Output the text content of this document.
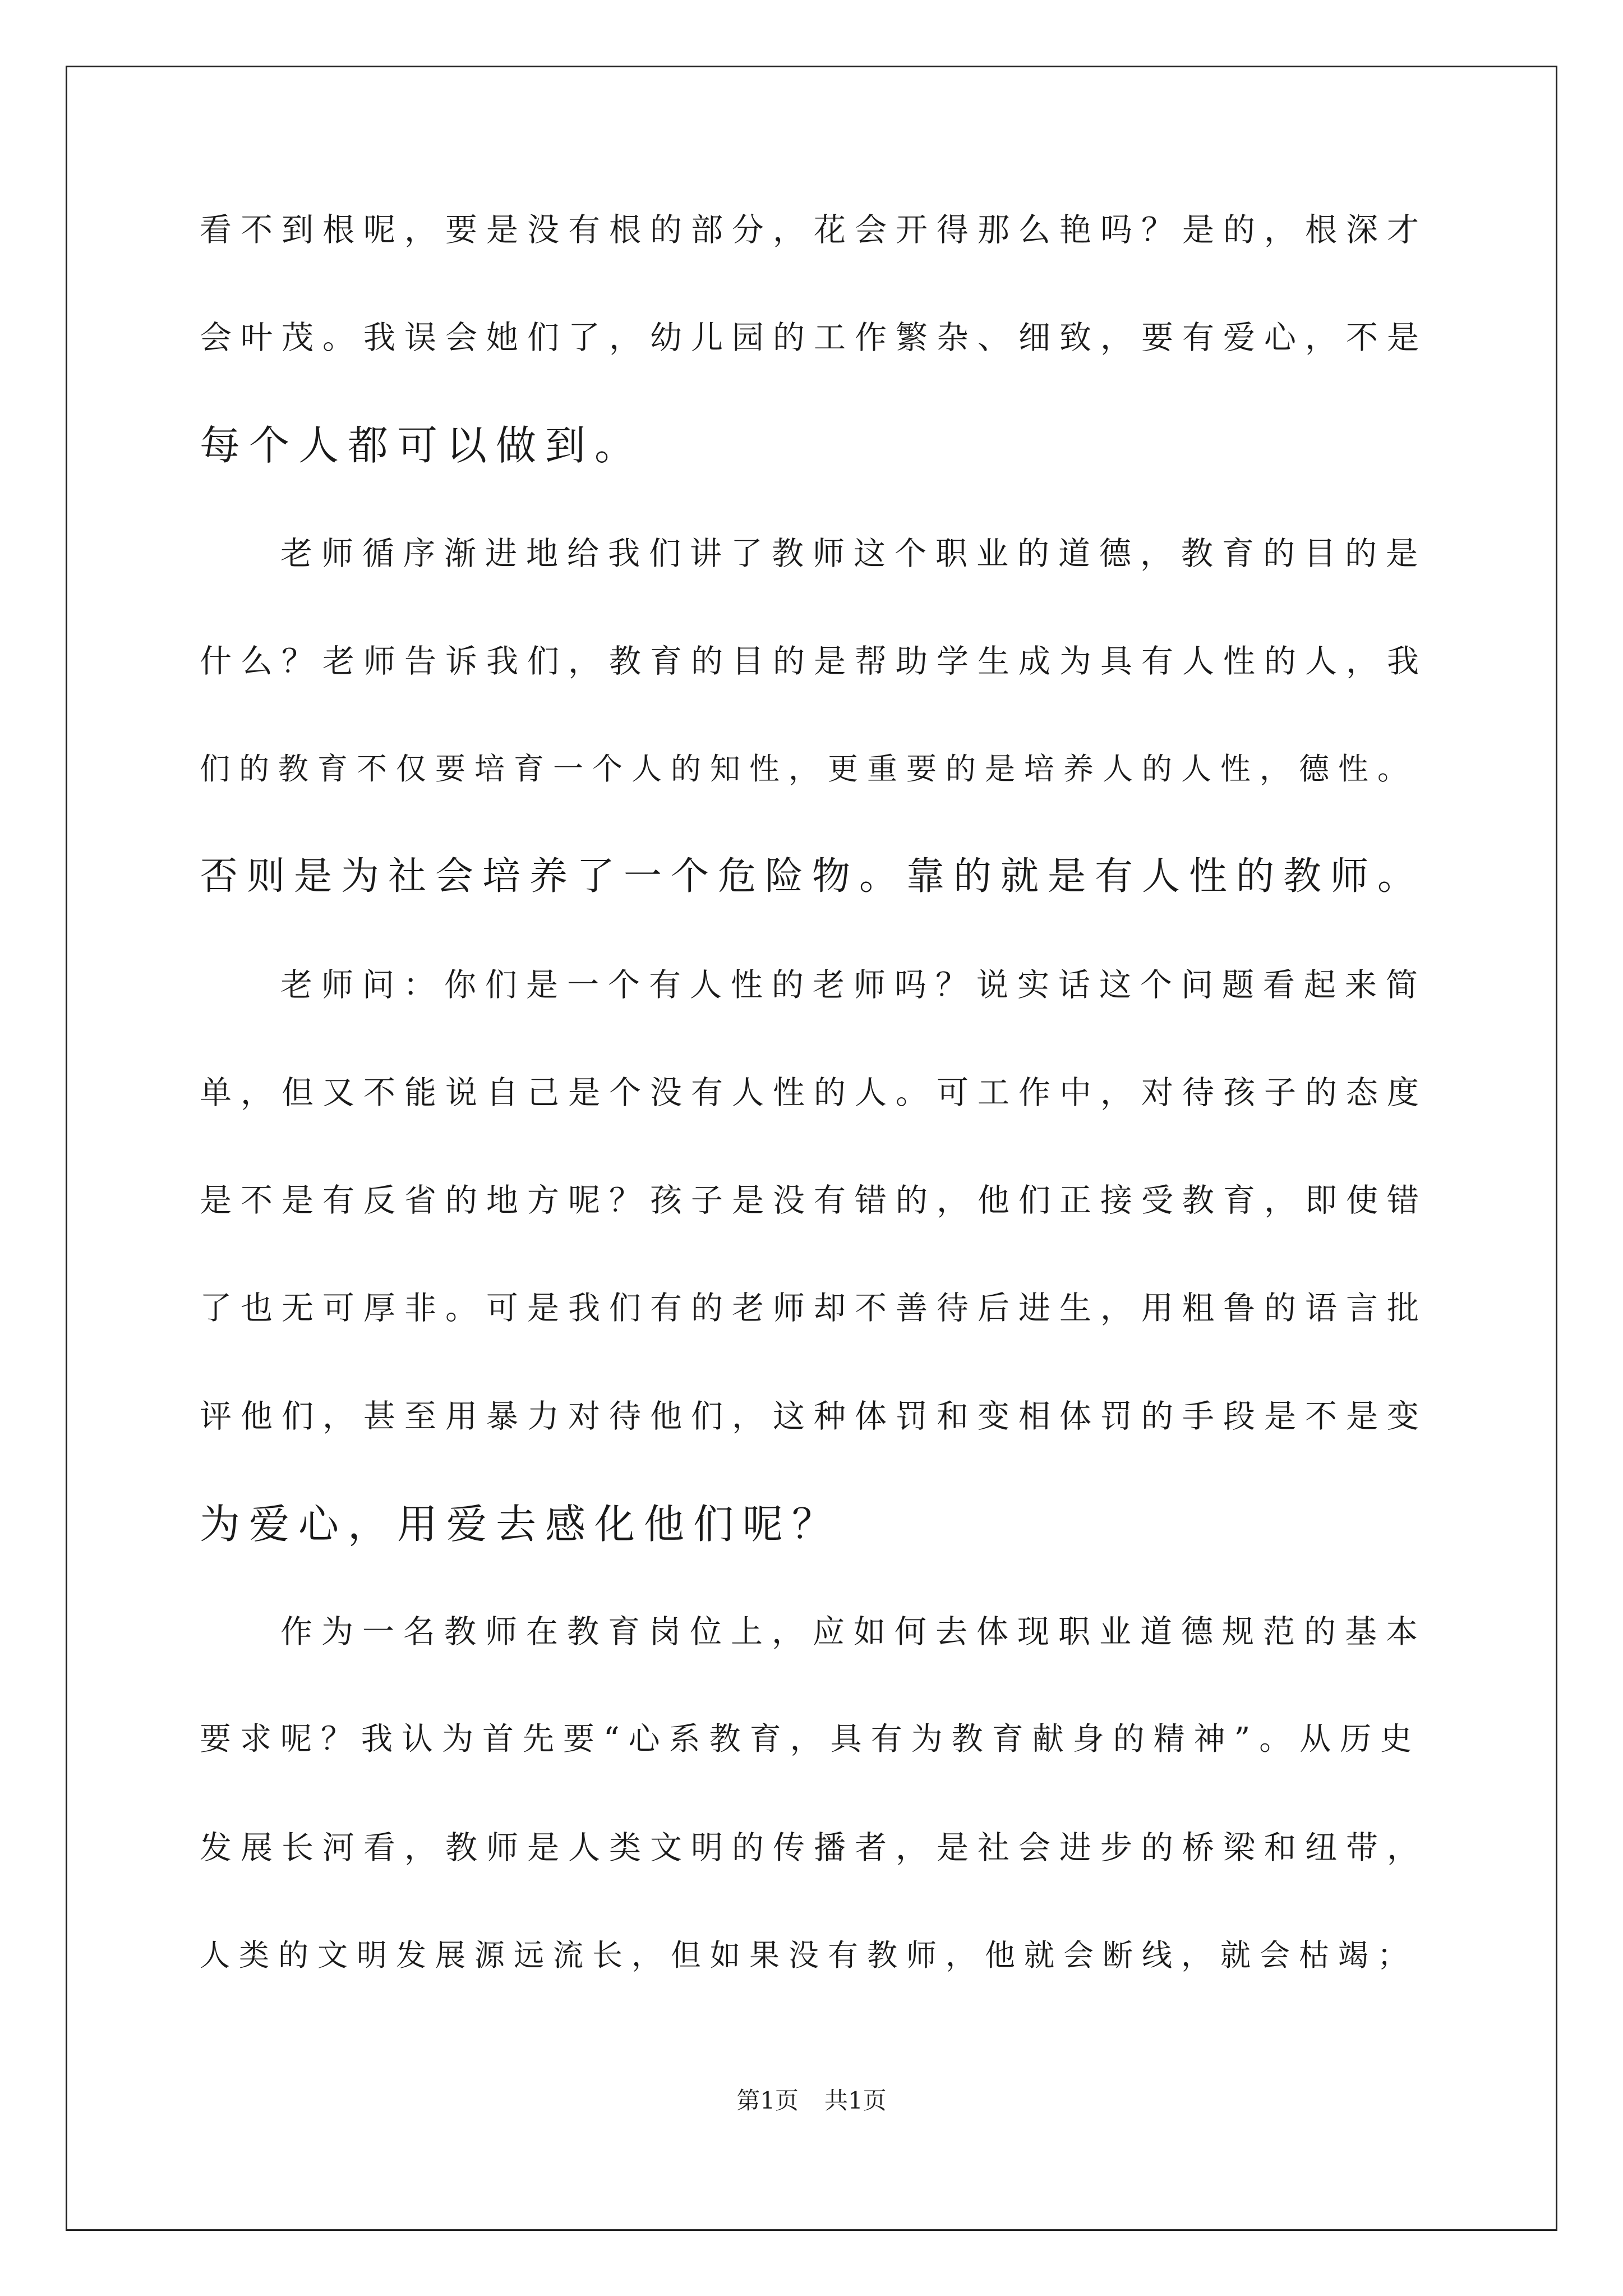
看不到根呢，要是没有根的部分，花会开得那么艳吗？是的，根深才
会叶茂。我误会她们了，幼儿园的工作繁杂、细致，要有爱心，不是
每个人都可以做到。
老师循序渐进地给我们讲了教师这个职业的道德，教育的目的是
什么？老师告诉我们，教育的目的是帮助学生成为具有人性的人，我
们的教育不仅要培育一个人的知性，更重要的是培养人的人性，德性。
否则是为社会培养了一个危险物。靠的就是有人性的教师。
老师问：你们是一个有人性的老师吗？说实话这个问题看起来简
单，但又不能说自己是个没有人性的人。可工作中，对待孩子的态度
是不是有反省的地方呢？孩子是没有错的，他们正接受教育，即使错
了也无可厚非。可是我们有的老师却不善待后进生，用粗鲁的语言批
评他们，甚至用暴力对待他们，这种体罚和变相体罚的手段是不是变
为爱心，用爱去感化他们呢？
作为一名教师在教育岗位上，应如何去体现职业道德规范的基本
要求呢？我认为首先要“心系教育，具有为教育献身的精神”。从历史
发展长河看，教师是人类文明的传播者，是社会进步的桥梁和纽带，
人类的文明发展源远流长，但如果没有教师，他就会断线，就会枯竭；
第1页 共1页
